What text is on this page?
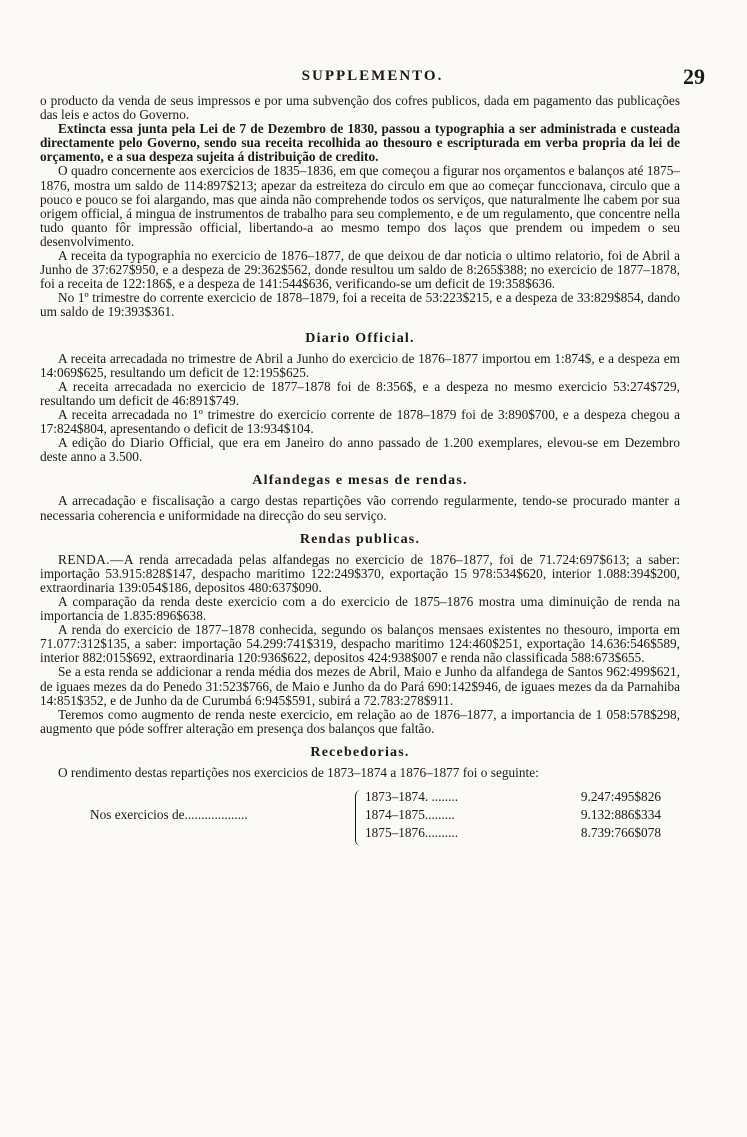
SUPPLEMENTO.	29

o producto da venda de seus impressos e por uma subvenção dos cofres publicos, dada em pagamento das publicações das leis e actos do Governo.

Extincta essa junta pela Lei de 7 de Dezembro de 1830, passou a typographia a ser administrada e custeada directamente pelo Governo, sendo sua receita recolhida ao thesouro e escripturada em verba propria da lei de orçamento, e a sua despeza sujeita á distribuição de credito.

O quadro concernente aos exercicios de 1835–1836, em que começou a figurar nos orçamentos e balanços até 1875–1876, mostra um saldo de 114:897$213; apezar da estreiteza do circulo em que ao começar funccionava, circulo que a pouco e pouco se foi alargando, mas que ainda não comprehende todos os serviços, que naturalmente lhe cabem por sua origem official, á mingua de instrumentos de trabalho para seu complemento, e de um regulamento, que concentre nella tudo quanto fôr impressão official, libertando-a ao mesmo tempo dos laços que prendem ou impedem o seu desenvolvimento.

A receita da typographia no exercicio de 1876–1877, de que deixou de dar noticia o ultimo relatorio, foi de Abril a Junho de 37:627$950, e a despeza de 29:362$562, donde resultou um saldo de 8:265$388; no exercicio de 1877–1878, foi a receita de 122:186$, e a despeza de 141:544$636, verificando-se um deficit de 19:358$636.

No 1º trimestre do corrente exercicio de 1878–1879, foi a receita de 53:223$215, e a despeza de 33:829$854, dando um saldo de 19:393$361.

Diario Official.

A receita arrecadada no trimestre de Abril a Junho do exercicio de 1876–1877 importou em 1:874$, e a despeza em 14:069$625, resultando um deficit de 12:195$625.

A receita arrecadada no exercicio de 1877–1878 foi de 8:356$, e a despeza no mesmo exercicio 53:274$729, resultando um deficit de 46:891$749.

A receita arrecadada no 1º trimestre do exercicio corrente de 1878–1879 foi de 3:890$700, e a despeza chegou a 17:824$804, apresentando o deficit de 13:934$104.

A edição do Diario Official, que era em Janeiro do anno passado de 1.200 exemplares, elevou-se em Dezembro deste anno a 3.500.

Alfandegas e mesas de rendas.

A arrecadação e fiscalisação a cargo destas repartições vão correndo regularmente, tendo-se procurado manter a necessaria coherencia e uniformidade na direcção do seu serviço.

Rendas publicas.

RENDA.—A renda arrecadada pelas alfandegas no exercicio de 1876–1877, foi de 71.724:697$613; a saber: importação 53.915:828$147, despacho maritimo 122:249$370, exportação 15 978:534$620, interior 1.088:394$200, extraordinaria 139:054$186, depositos 480:637$090.

A comparação da renda deste exercicio com a do exercicio de 1875–1876 mostra uma diminuição de renda na importancia de 1.835:896$638.

A renda do exercicio de 1877–1878 conhecida, segundo os balanços mensaes existentes no thesouro, importa em 71.077:312$135, a saber: importação 54.299:741$319, despacho maritimo 124:460$251, exportação 14.636:546$589, interior 882:015$692, extraordinaria 120:936$622, depositos 424:938$007 e renda não classificada 588:673$655.

Se a esta renda se addicionar a renda média dos mezes de Abril, Maio e Junho da alfandega de Santos 962:499$621, de iguaes mezes da do Penedo 31:523$766, de Maio e Junho da do Pará 690:142$946, de iguaes mezes da da Parnahiba 14:851$352, e de Junho da de Curumbá 6:945$591, subirá a 72.783:278$911.

Teremos como augmento de renda neste exercicio, em relação ao de 1876–1877, a importancia de 1 058:578$298, augmento que póde soffrer alteração em presença dos balanços que faltão.

Recebedorias.

O rendimento destas repartições nos exercicios de 1873–1874 a 1876–1877 foi o seguinte:

Nos exercicios de...................
1873–1874. ........	9.247:495$826
1874–1875.........	9.132:886$334
1875–1876..........	8.739:766$078
